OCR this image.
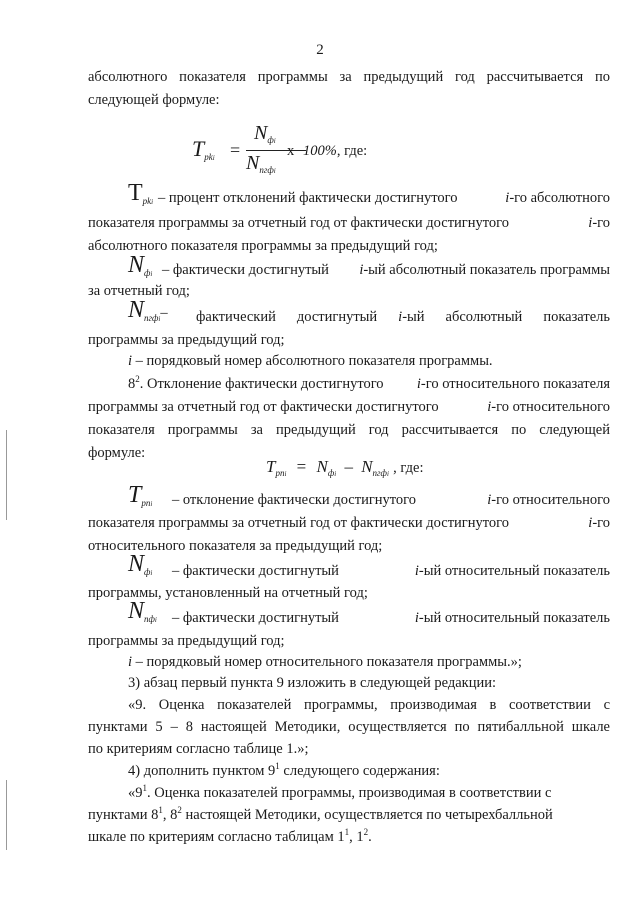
2
абсолютного показателя программы за предыдущий год рассчитывается по
следующей формуле:
Tpki =
$N_{фi}$
$N_{пгфi}$
x 100%, где:
$T_{pki}$ – процент отклонений фактически достигнутого	i-го абсолютного
показателя программы за отчетный год от фактически достигнутого	i-го
абсолютного показателя программы за предыдущий год;
$N_{фi}$ – фактически достигнутый i-ый абсолютный показатель программы
за отчетный год;
$N_{пгфi}-$ фактический достигнутый i-ый абсолютный показатель
программы за предыдущий год;
i – порядковый номер абсолютного показателя программы.
$8^2$. Отклонение фактически достигнутого i-го относительного показателя
программы за отчетный год от фактически достигнутого	i-го относительного
показателя программы за предыдущий год рассчитывается по следующей
формуле:
$T_{pni} = N_{фi} - N_{пгфi}$ , где:
$T_{pni}$ – отклонение фактически достигнутого	i-го относительного
показателя программы за отчетный год от фактически достигнутого	i-го
относительного показателя за предыдущий год;
$N_{фi}$ – фактически достигнутый	i-ый относительный показатель
программы, установленный на отчетный год;
$N_{пфi}$ – фактически достигнутый	i-ый относительный показатель
программы за предыдущий год;
i – порядковый номер относительного показателя программы.»;
3) абзац первый пункта 9 изложить в следующей редакции:
«9. Оценка показателей программы, производимая в соответствии с
пунктами 5 – 8 настоящей Методики, осуществляется по пятибалльной шкале
по критериям согласно таблице 1.»;
4) дополнить пунктом $9^1$ следующего содержания:
«$9^1$. Оценка показателей программы, производимая в соответствии с
пунктами $8^1$, $8^2$ настоящей Методики, осуществляется по четырехбалльной
шкале по критериям согласно таблицам $1^1$, $1^2$.
